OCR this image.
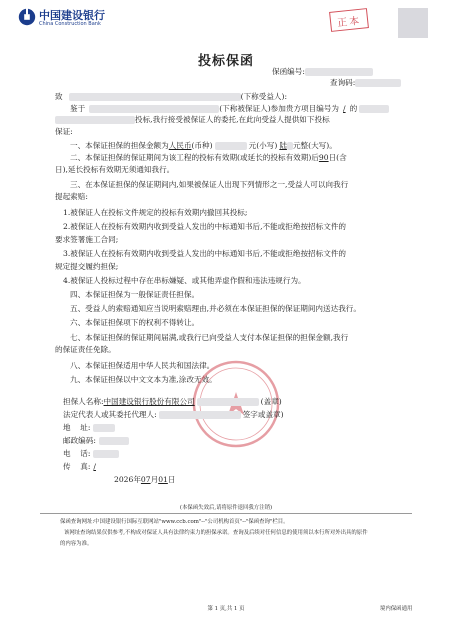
中国建设银行
China Construction Bank	正本
投标保函
保函编号:
查询码:
致	(下称受益人):
鉴于	(下称被保证人)参加贵方项目编号为 / 的
投标,我行接受被保证人的委托,在此向受益人提供如下投标
保证:
一、本保证担保的担保金额为人民币(币种)	元(小写) 陆 元整(大写)。
二、本保证担保的保证期间为该工程的投标有效期(或延长的投标有效期)后90日(含
日),延长投标有效期无须通知我行。
三、在本保证担保的保证期间内,如果被保证人出现下列情形之一,受益人可以向我行
提起索赔:
1.被保证人在投标文件规定的投标有效期内撤回其投标;
2.被保证人在投标有效期内收到受益人发出的中标通知书后,不能或拒绝按招标文件的
要求签署施工合同;
3.被保证人在投标有效期内收到受益人发出的中标通知书后,不能或拒绝按招标文件的
规定提交履约担保;
4.被保证人投标过程中存在串标嫌疑、或其他弄虚作假和违法违规行为。
四、本保证担保为一般保证责任担保。
五、受益人的索赔通知应当说明索赔理由,并必须在本保证担保的保证期间内送达我行。
六、本保证担保项下的权利不得转让。
七、本保证担保的保证期间届满,或我行已向受益人支付本保证担保的担保金额,我行
的保证责任免除。
八、本保证担保适用中华人民共和国法律。
九、本保证担保以中文文本为准,涂改无效。
担保人名称:中国建设银行股份有限公司	(盖章)
法定代表人或其委托代理人:	签字或盖章)
地    址:
邮政编码:
电    话:
传    真: /
2026年07月01日
(本保函失效后,请将原件退回我方注销)
保函查询网址:中国建设银行国际互联网站"www.ccb.com"--"公司机构首页"--"保函查询"栏目。
该网址查询结果仅供参考,不构成对保证人具有法律约束力的担保承诺。查询及后续对任何信息的使用须以本行所对外出具的原件
的内容为准。
第 1 页,共 1 页	境内保函通用
